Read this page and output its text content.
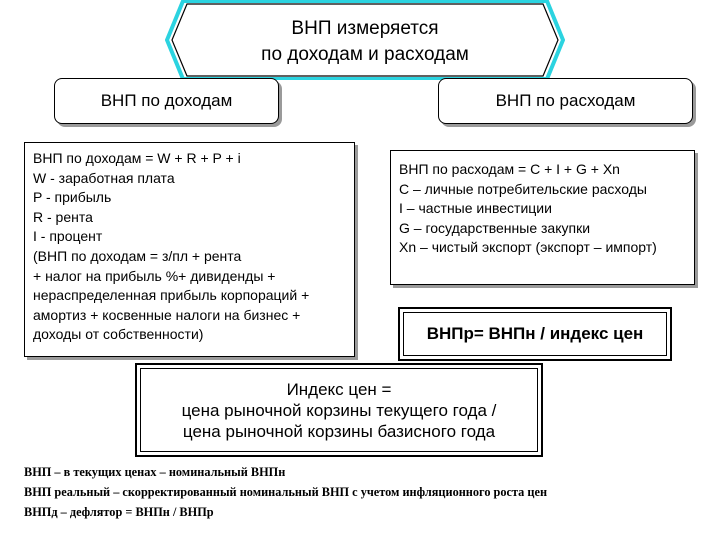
ВНП измеряется
по доходам и расходам
ВНП по доходам	ВНП по расходам
ВНП по доходам = W + R + P + i
W - заработная плата
P - прибыль
R - рента
I - процент
(ВНП по доходам = з/пл + рента
+ налог на прибыль %+ дивиденды +
нераспределенная прибыль корпораций +
амортиз + косвенные налоги на бизнес +
доходы от собственности)
ВНП по расходам = C + I + G + Xn
C – личные потребительские расходы
I – частные инвестиции
G – государственные закупки
Xn – чистый экспорт (экспорт – импорт)
ВНПр= ВНПн / индекс цен
Индекс цен =
цена рыночной корзины текущего года /
цена рыночной корзины базисного года
ВНП – в текущих ценах – номинальный ВНПн
ВНП реальный – скорректированный номинальный ВНП с учетом инфляционного роста цен
ВНПд – дефлятор = ВНПн / ВНПр
